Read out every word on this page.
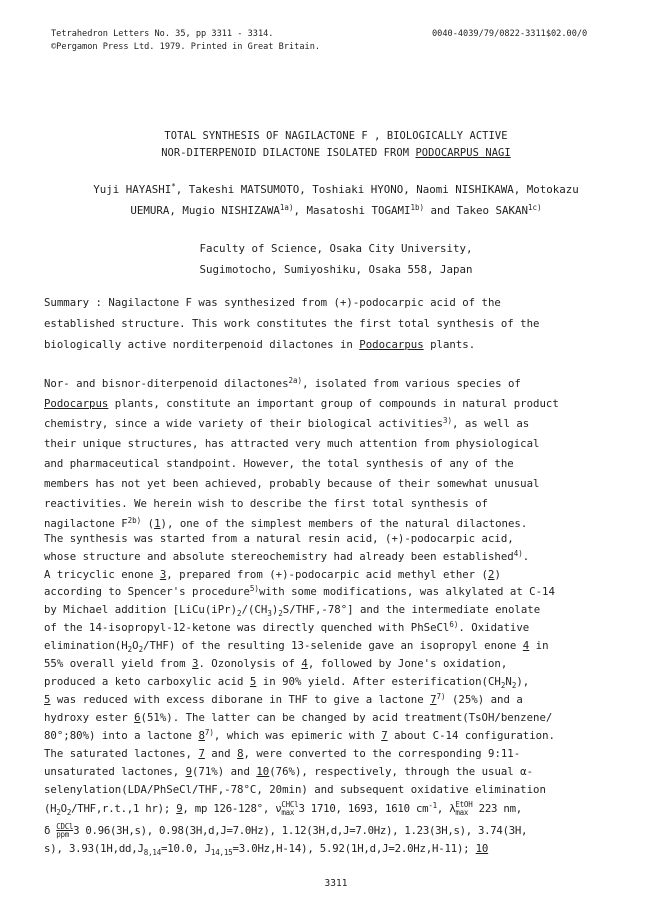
Tetrahedron Letters No. 35, pp 3311 - 3314.
©Pergamon Press Ltd. 1979. Printed in Great Britain.
0040-4039/79/0822-3311$02.00/0
TOTAL SYNTHESIS OF NAGILACTONE F , BIOLOGICALLY ACTIVE
NOR-DITERPENOID DILACTONE ISOLATED FROM PODOCARPUS NAGI
Yuji HAYASHI*, Takeshi MATSUMOTO, Toshiaki HYONO, Naomi NISHIKAWA, Motokazu
UEMURA, Mugio $NISHIZAWA^{1a)}$, Masatoshi $TOGAMI^{1b)}$ and Takeo $SAKAN^{1c)}$
Faculty of Science, Osaka City University,
Sugimotocho, Sumiyoshiku, Osaka 558, Japan
Summary : Nagilactone F was synthesized from (+)-podocarpic acid of the
established structure. This work constitutes the first total synthesis of the
biologically active norditerpenoid dilactones in Podocarpus plants.
Nor- and bisnor-diterpenoid dilactones$^{2a)}$, isolated from various species of
Podocarpus plants, constitute an important group of compounds in natural product
chemistry, since a wide variety of their biological activities$^{3)}$, as well as
their unique structures, has attracted very much attention from physiological
and pharmaceutical standpoint. However, the total synthesis of any of the
members has not yet been achieved, probably because of their somewhat unusual
reactivities. We herein wish to describe the first total synthesis of
nagilactone $F^{2b)}$ (1), one of the simplest members of the natural dilactones.
The synthesis was started from a natural resin acid, (+)-podocarpic acid,
whose structure and absolute stereochemistry had already been established$^{4)}$.
A tricyclic enone 3, prepared from (+)-podocarpic acid methyl ether (2)
according to Spencer's procedure$^{5)}$with some modifications, was alkylated at C-14
by Michael addition $[LiCu(iPr)_2/(CH_3)_2S/THF,-78^\circ]$ and the intermediate enolate
of the 14-isopropyl-12-ketone was directly quenched with PhSeCl$^{6)}$. Oxidative
$elimination(H_2O_2/THF)$ of the resulting 13-selenide gave an isopropyl enone 4 in
55% overall yield from 3. Ozonolysis of 4, followed by Jone's oxidation,
produced a keto carboxylic acid 5 in 90% yield. After $esterification(CH_2N_2)$,
5 was reduced with excess diborane in THF to give a lactone 7$^{7)}$ (25%) and a
hydroxy ester 6(51%). The latter can be changed by acid treatment(TsOH/benzene/
80°;80%) into a lactone 8$^{7)}$, which was epimeric with 7 about C-14 configuration.
The saturated lactones, 7 and 8, were converted to the corresponding 9:11-
unsaturated lactones, 9(71%) and 10(76%), respectively, through the usual α-
selenylation(LDA/PhSeCl/THF,-78°C, 20min) and subsequent oxidative elimination
($H_2O_2/THF,r.t.,1$ hr); 9, mp 126-128°, ν CHCl
max 3 1710, 1693, 1610 $cm^{-1}$, λ EtOH
max 223 nm,
δ CDCl
ppm 3 0.96(3H,s), 0.98(3H,d,J=7.0Hz), 1.12(3H,d,J=7.0Hz), 1.23(3H,s), 3.74(3H,
s), $3.93(1H,dd,J_{8,14}=10.0$, $J_{14,15}=3.0Hz,H-14$), 5.92(1H,d,J=2.0Hz,H-11); 10
3311
